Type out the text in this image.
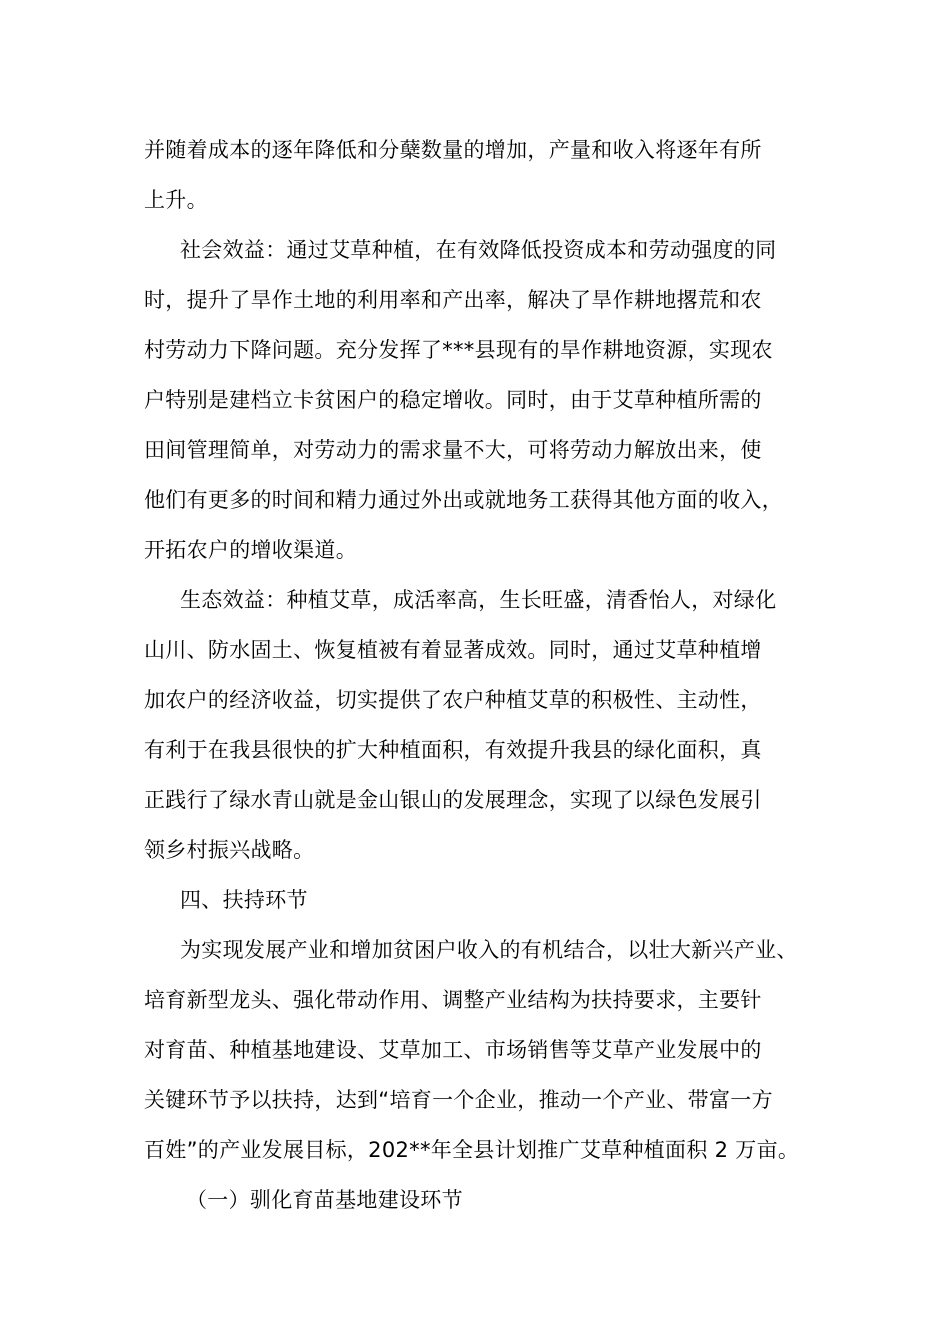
并随着成本的逐年降低和分蘖数量的增加，产量和收入将逐年有所
上升。
社会效益：通过艾草种植，在有效降低投资成本和劳动强度的同
时，提升了旱作土地的利用率和产出率，解决了旱作耕地撂荒和农
村劳动力下降问题。充分发挥了***县现有的旱作耕地资源，实现农
户特别是建档立卡贫困户的稳定增收。同时，由于艾草种植所需的
田间管理简单，对劳动力的需求量不大，可将劳动力解放出来，使
他们有更多的时间和精力通过外出或就地务工获得其他方面的收入，
开拓农户的增收渠道。
生态效益：种植艾草，成活率高，生长旺盛，清香怡人，对绿化
山川、防水固土、恢复植被有着显著成效。同时，通过艾草种植增
加农户的经济收益，切实提供了农户种植艾草的积极性、主动性，
有利于在我县很快的扩大种植面积，有效提升我县的绿化面积，真
正践行了绿水青山就是金山银山的发展理念，实现了以绿色发展引
领乡村振兴战略。
四、扶持环节
为实现发展产业和增加贫困户收入的有机结合，以壮大新兴产业、
培育新型龙头、强化带动作用、调整产业结构为扶持要求，主要针
对育苗、种植基地建设、艾草加工、市场销售等艾草产业发展中的
关键环节予以扶持，达到“培育一个企业，推动一个产业、带富一方
百姓”的产业发展目标，202**年全县计划推广艾草种植面积 2 万亩。
（一）驯化育苗基地建设环节
